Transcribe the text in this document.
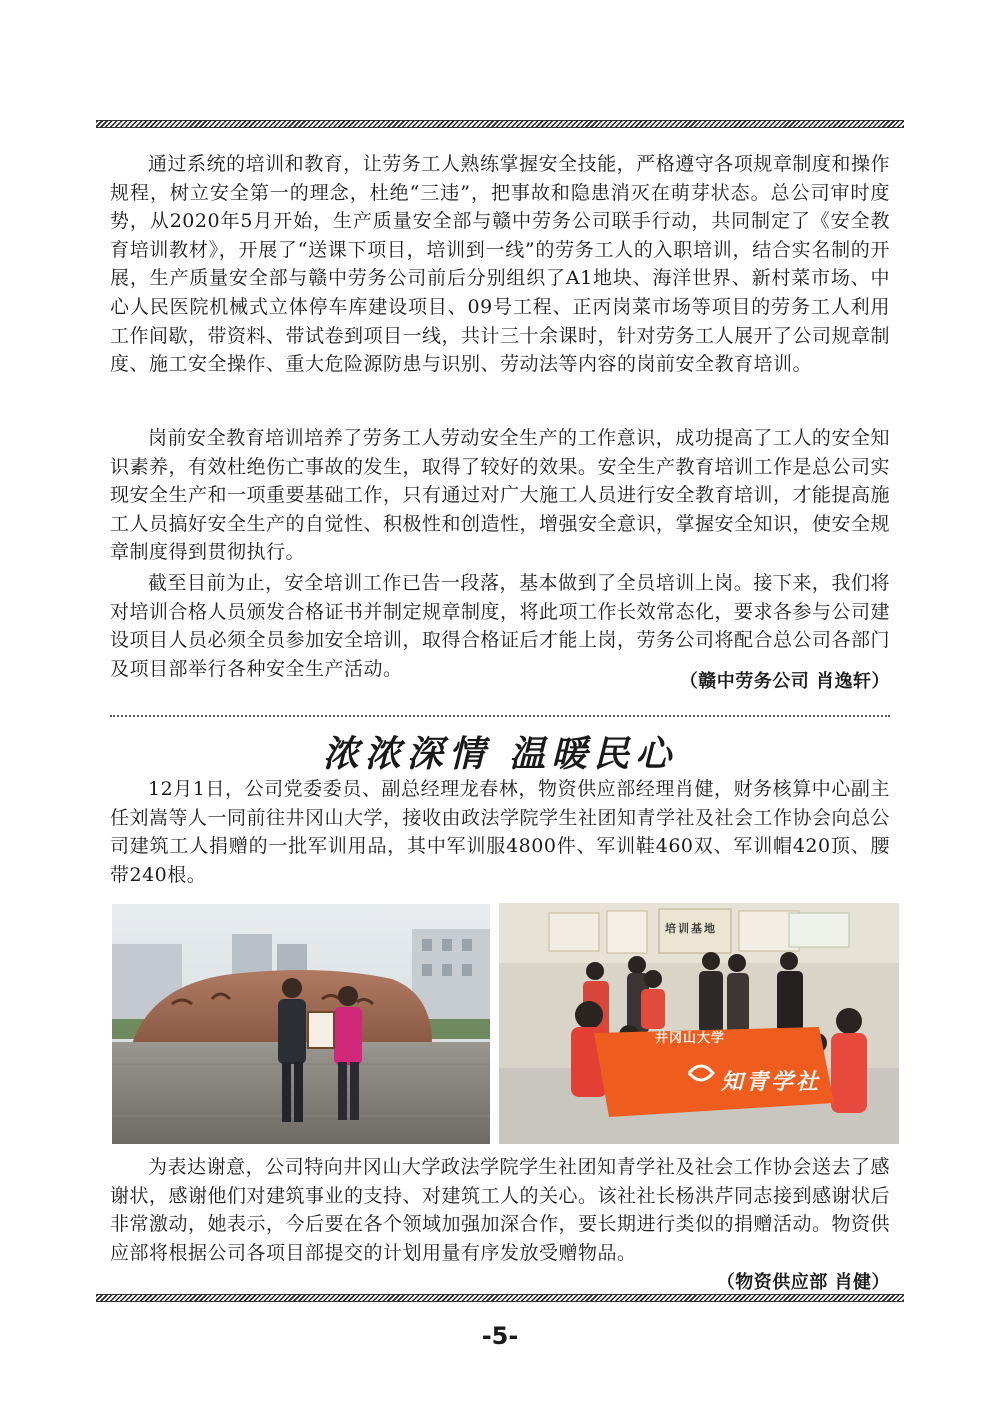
通过系统的培训和教育，让劳务工人熟练掌握安全技能，严格遵守各项规章制度和操作规程，树立安全第一的理念，杜绝“三违”，把事故和隐患消灭在萌芽状态。总公司审时度势，从2020年5月开始，生产质量安全部与赣中劳务公司联手行动，共同制定了《安全教育培训教材》，开展了“送课下项目，培训到一线”的劳务工人的入职培训，结合实名制的开展，生产质量安全部与赣中劳务公司前后分别组织了A1地块、海洋世界、新村菜市场、中心人民医院机械式立体停车库建设项目、09号工程、正丙岗菜市场等项目的劳务工人利用工作间歇，带资料、带试卷到项目一线，共计三十余课时，针对劳务工人展开了公司规章制度、施工安全操作、重大危险源防患与识别、劳动法等内容的岗前安全教育培训。

岗前安全教育培训培养了劳务工人劳动安全生产的工作意识，成功提高了工人的安全知识素养，有效杜绝伤亡事故的发生，取得了较好的效果。安全生产教育培训工作是总公司实现安全生产和一项重要基础工作，只有通过对广大施工人员进行安全教育培训，才能提高施工人员搞好安全生产的自觉性、积极性和创造性，增强安全意识，掌握安全知识，使安全规章制度得到贯彻执行。

截至目前为止，安全培训工作已告一段落，基本做到了全员培训上岗。接下来，我们将对培训合格人员颁发合格证书并制定规章制度，将此项工作长效常态化，要求各参与公司建设项目人员必须全员参加安全培训，取得合格证后才能上岗，劳务公司将配合总公司各部门及项目部举行各种安全生产活动。

（赣中劳务公司 肖逸轩）
浓浓深情 温暖民心

12月1日，公司党委委员、副总经理龙春林，物资供应部经理肖健，财务核算中心副主任刘嵩等人一同前往井冈山大学，接收由政法学院学生社团知青学社及社会工作协会向总公司建筑工人捐赠的一批军训用品，其中军训服4800件、军训鞋460双、军训帽420顶、腰带240根。

井冈山大学
知青学社
培训基地

为表达谢意，公司特向井冈山大学政法学院学生社团知青学社及社会工作协会送去了感谢状，感谢他们对建筑事业的支持、对建筑工人的关心。该社社长杨洪芹同志接到感谢状后非常激动，她表示，今后要在各个领域加强加深合作，要长期进行类似的捐赠活动。物资供应部将根据公司各项目部提交的计划用量有序发放受赠物品。

（物资供应部 肖健）
-5-
